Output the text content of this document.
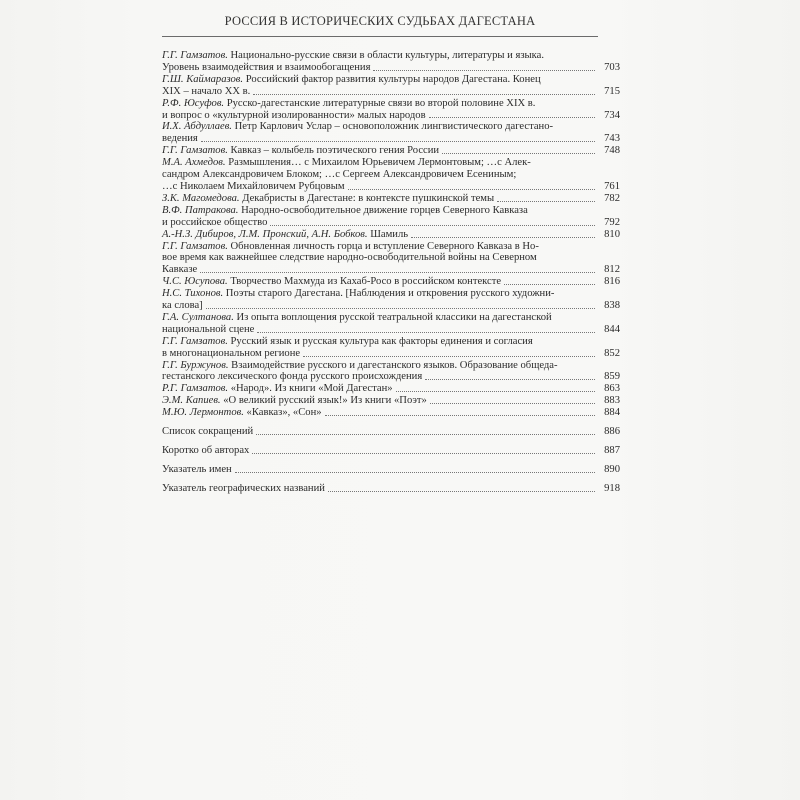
РОССИЯ В ИСТОРИЧЕСКИХ СУДЬБАХ ДАГЕСТАНА
Г.Г. Гамзатов. Национально-русские связи в области культуры, литературы и языка.
Уровень взаимодействия и взаимообогащения	703
Г.Ш. Каймаразов. Российский фактор развития культуры народов Дагестана. Конец
XIX – начало XX в.	715
Р.Ф. Юсуфов. Русско-дагестанские литературные связи во второй половине XIX в.
и вопрос о «культурной изолированности» малых народов	734
И.Х. Абдуллаев. Петр Карлович Услар – основоположник лингвистического дагестано-
ведения	743
Г.Г. Гамзатов. Кавказ – колыбель поэтического гения России	748
М.А. Ахмедов. Размышления… с Михаилом Юрьевичем Лермонтовым; …с Алек-
сандром Александровичем Блоком; …с Сергеем Александровичем Есениным;
…с Николаем Михайловичем Рубцовым	761
З.К. Магомедова. Декабристы в Дагестане: в контексте пушкинской темы	782
В.Ф. Патракова. Народно-освободительное движение горцев Северного Кавказа
и российское общество	792
А.-Н.З. Дибиров, Л.М. Пронский, А.Н. Бобков. Шамиль	810
Г.Г. Гамзатов. Обновленная личность горца и вступление Северного Кавказа в Но-
вое время как важнейшее следствие народно-освободительной войны на Северном
Кавказе	812
Ч.С. Юсупова. Творчество Махмуда из Кахаб-Росо в российском контексте	816
Н.С. Тихонов. Поэты старого Дагестана. [Наблюдения и откровения русского художни-
ка слова]	838
Г.А. Султанова. Из опыта воплощения русской театральной классики на дагестанской
национальной сцене	844
Г.Г. Гамзатов. Русский язык и русская культура как факторы единения и согласия
в многонациональном регионе	852
Г.Г. Буржунов. Взаимодействие русского и дагестанского языков. Образование общеда-
гестанского лексического фонда русского происхождения	859
Р.Г. Гамзатов. «Народ». Из книги «Мой Дагестан»	863
Э.М. Капиев. «О великий русский язык!» Из книги «Поэт»	883
М.Ю. Лермонтов. «Кавказ», «Сон»	884
Список сокращений	886
Коротко об авторах	887
Указатель имен	890
Указатель географических названий	918
